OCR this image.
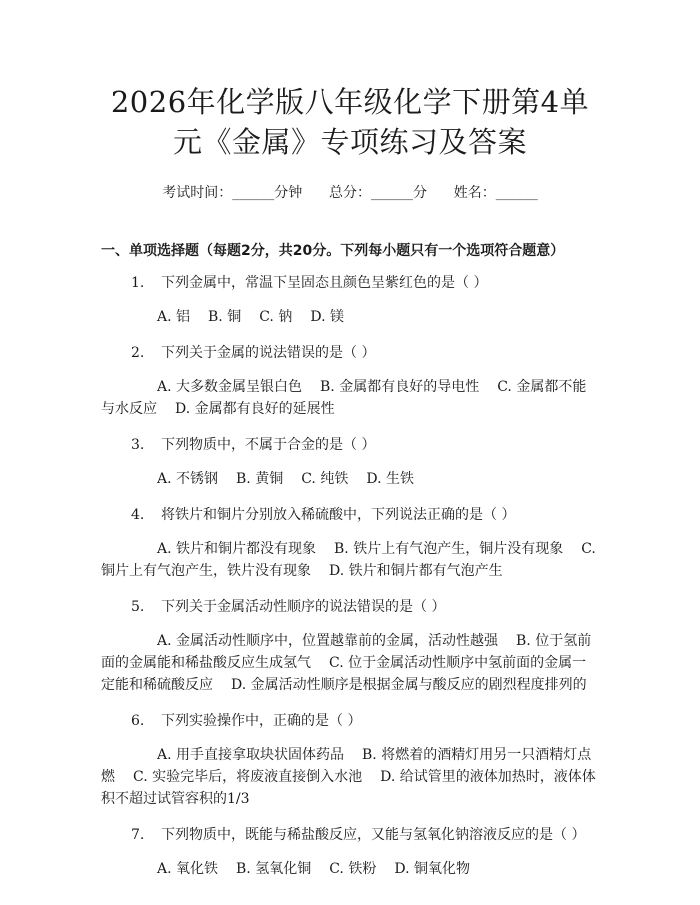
2026年化学版八年级化学下册第4单元《金属》专项练习及答案
考试时间：______分钟 总分：______分 姓名：______
一、单项选择题（每题2分，共20分。下列每小题只有一个选项符合题意）
1. 下列金属中，常温下呈固态且颜色呈紫红色的是（ ）
A. 铝 B. 铜 C. 钠 D. 镁
2. 下列关于金属的说法错误的是（ ）
A. 大多数金属呈银白色 B. 金属都有良好的导电性 C. 金属都不能与水反应 D. 金属都有良好的延展性
3. 下列物质中，不属于合金的是（ ）
A. 不锈钢 B. 黄铜 C. 纯铁 D. 生铁
4. 将铁片和铜片分别放入稀硫酸中，下列说法正确的是（ ）
A. 铁片和铜片都没有现象 B. 铁片上有气泡产生，铜片没有现象 C. 铜片上有气泡产生，铁片没有现象 D. 铁片和铜片都有气泡产生
5. 下列关于金属活动性顺序的说法错误的是（ ）
A. 金属活动性顺序中，位置越靠前的金属，活动性越强 B. 位于氢前面的金属能和稀盐酸反应生成氢气 C. 位于金属活动性顺序中氢前面的金属一定能和稀硫酸反应 D. 金属活动性顺序是根据金属与酸反应的剧烈程度排列的
6. 下列实验操作中，正确的是（ ）
A. 用手直接拿取块状固体药品 B. 将燃着的酒精灯用另一只酒精灯点燃 C. 实验完毕后，将废液直接倒入水池 D. 给试管里的液体加热时，液体体积不超过试管容积的1/3
7. 下列物质中，既能与稀盐酸反应，又能与氢氧化钠溶液反应的是（ ）
A. 氧化铁 B. 氢氧化铜 C. 铁粉 D. 铜氧化物
